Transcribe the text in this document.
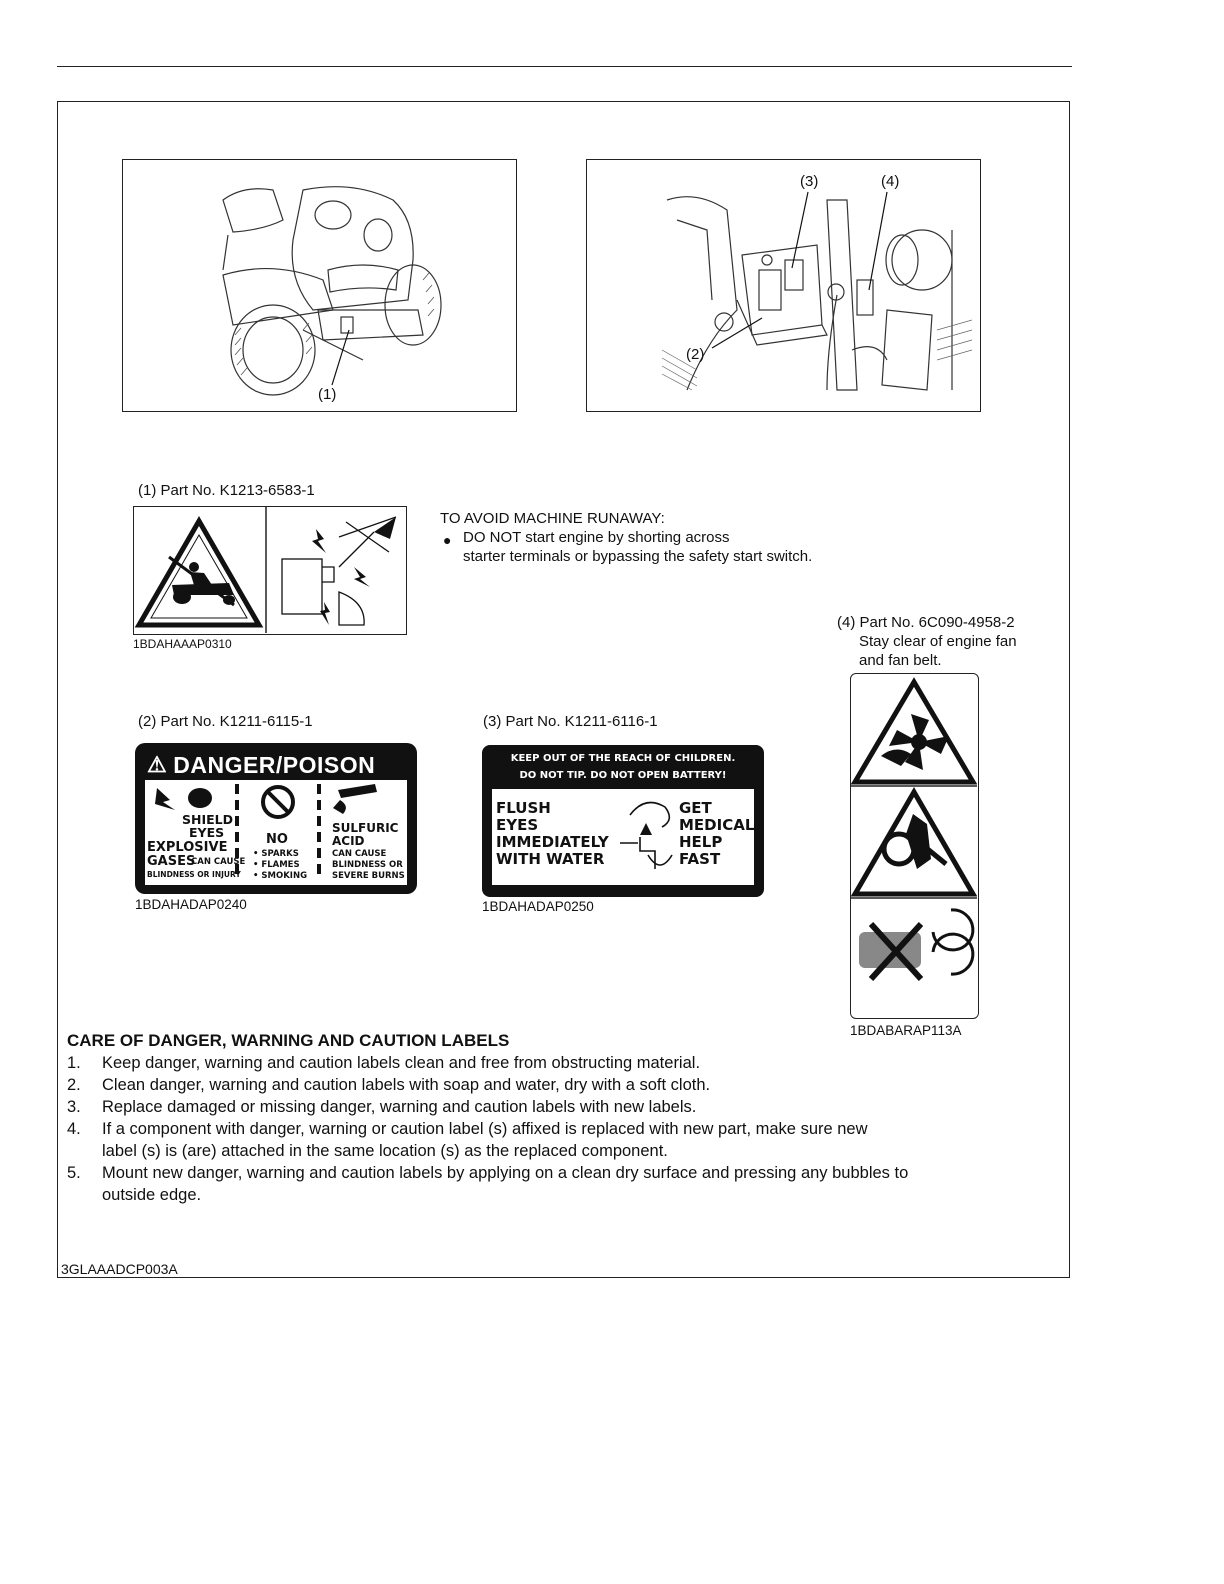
(1)
(3)	(4)
(2)
(1) Part No. K1213-6583-1
1BDAHAAAP0310
TO AVOID MACHINE RUNAWAY:
● DO NOT start engine by shorting across
starter terminals or bypassing the safety start switch.
(4) Part No. 6C090-4958-2
Stay clear of engine fan
and fan belt.
1BDABARAP113A
(2) Part No. K1211-6115-1
⚠ DANGER/POISON
SHIELD
EYES
EXPLOSIVE
GASES
CAN CAUSE
BLINDNESS OR INJURY
NO
• SPARKS
• FLAMES
• SMOKING
SULFURIC
ACID
CAN CAUSE
BLINDNESS OR
SEVERE BURNS
1BDAHADAP0240
(3) Part No. K1211-6116-1
KEEP OUT OF THE REACH OF CHILDREN.
DO NOT TIP. DO NOT OPEN BATTERY!
FLUSH
EYES
IMMEDIATELY
WITH WATER
GET
MEDICAL
HELP
FAST
1BDAHADAP0250
CARE OF DANGER, WARNING AND CAUTION LABELS
1. Keep danger, warning and caution labels clean and free from obstructing material.
2. Clean danger, warning and caution labels with soap and water, dry with a soft cloth.
3. Replace damaged or missing danger, warning and caution labels with new labels.
4. If a component with danger, warning or caution label (s) affixed is replaced with new part, make sure new
label (s) is (are) attached in the same location (s) as the replaced component.
5. Mount new danger, warning and caution labels by applying on a clean dry surface and pressing any bubbles to
outside edge.
3GLAAADCP003A
